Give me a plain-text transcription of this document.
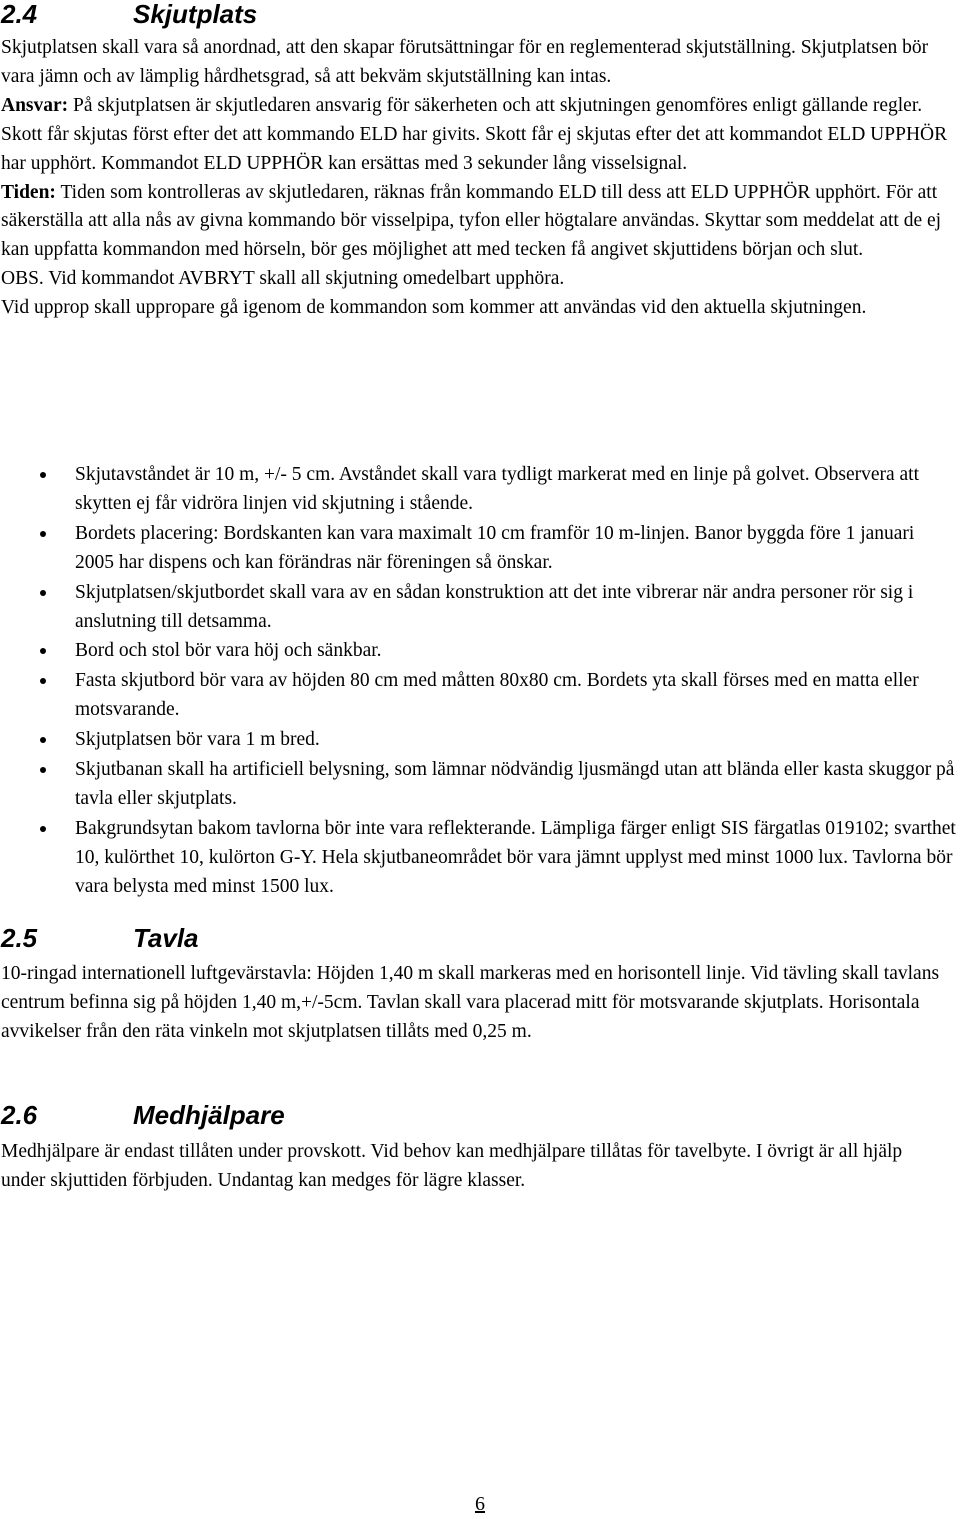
2.4	Skjutplats

Skjutplatsen skall vara så anordnad, att den skapar förutsättningar för en reglementerad skjutställning. Skjutplatsen bör vara jämn och av lämplig hårdhetsgrad, så att bekväm skjutställning kan intas.
Ansvar: På skjutplatsen är skjutledaren ansvarig för säkerheten och att skjutningen genomföres enligt gällande regler. Skott får skjutas först efter det att kommando ELD har givits. Skott får ej skjutas efter det att kommandot ELD UPPHÖR har upphört. Kommandot ELD UPPHÖR kan ersättas med 3 sekunder lång visselsignal.
Tiden: Tiden som kontrolleras av skjutledaren, räknas från kommando ELD till dess att ELD UPPHÖR upphört. För att säkerställa att alla nås av givna kommando bör visselpipa, tyfon eller högtalare användas. Skyttar som meddelat att de ej kan uppfatta kommandon med hörseln, bör ges möjlighet att med tecken få angivet skjuttidens början och slut.
OBS. Vid kommandot AVBRYT skall all skjutning omedelbart upphöra.
Vid upprop skall uppropare gå igenom de kommandon som kommer att användas vid den aktuella skjutningen.

Skjutavståndet är 10 m, +/- 5 cm. Avståndet skall vara tydligt markerat med en linje på golvet. Observera att skytten ej får vidröra linjen vid skjutning i stående.
Bordets placering: Bordskanten kan vara maximalt 10 cm framför 10 m-linjen. Banor byggda före 1 januari 2005 har dispens och kan förändras när föreningen så önskar.
Skjutplatsen/skjutbordet skall vara av en sådan konstruktion att det inte vibrerar när andra personer rör sig i anslutning till detsamma.
Bord och stol bör vara höj och sänkbar.
Fasta skjutbord bör vara av höjden 80 cm med måtten 80x80 cm. Bordets yta skall förses med en matta eller motsvarande.
Skjutplatsen bör vara 1 m bred.
Skjutbanan skall ha artificiell belysning, som lämnar nödvändig ljusmängd utan att blända eller kasta skuggor på tavla eller skjutplats.
Bakgrundsytan bakom tavlorna bör inte vara reflekterande. Lämpliga färger enligt SIS färgatlas 019102; svarthet 10, kulörthet 10, kulörton G-Y. Hela skjutbaneområdet bör vara jämnt upplyst med minst 1000 lux. Tavlorna bör vara belysta med minst 1500 lux.
2.5	Tavla

10-ringad internationell luftgevärstavla: Höjden 1,40 m skall markeras med en horisontell linje. Vid tävling skall tavlans centrum befinna sig på höjden 1,40 m,+/-5cm. Tavlan skall vara placerad mitt för motsvarande skjutplats. Horisontala avvikelser från den räta vinkeln mot skjutplatsen tillåts med 0,25 m.

2.6	Medhjälpare

Medhjälpare är endast tillåten under provskott. Vid behov kan medhjälpare tillåtas för tavelbyte. I övrigt är all hjälp under skjuttiden förbjuden. Undantag kan medges för lägre klasser.

6
